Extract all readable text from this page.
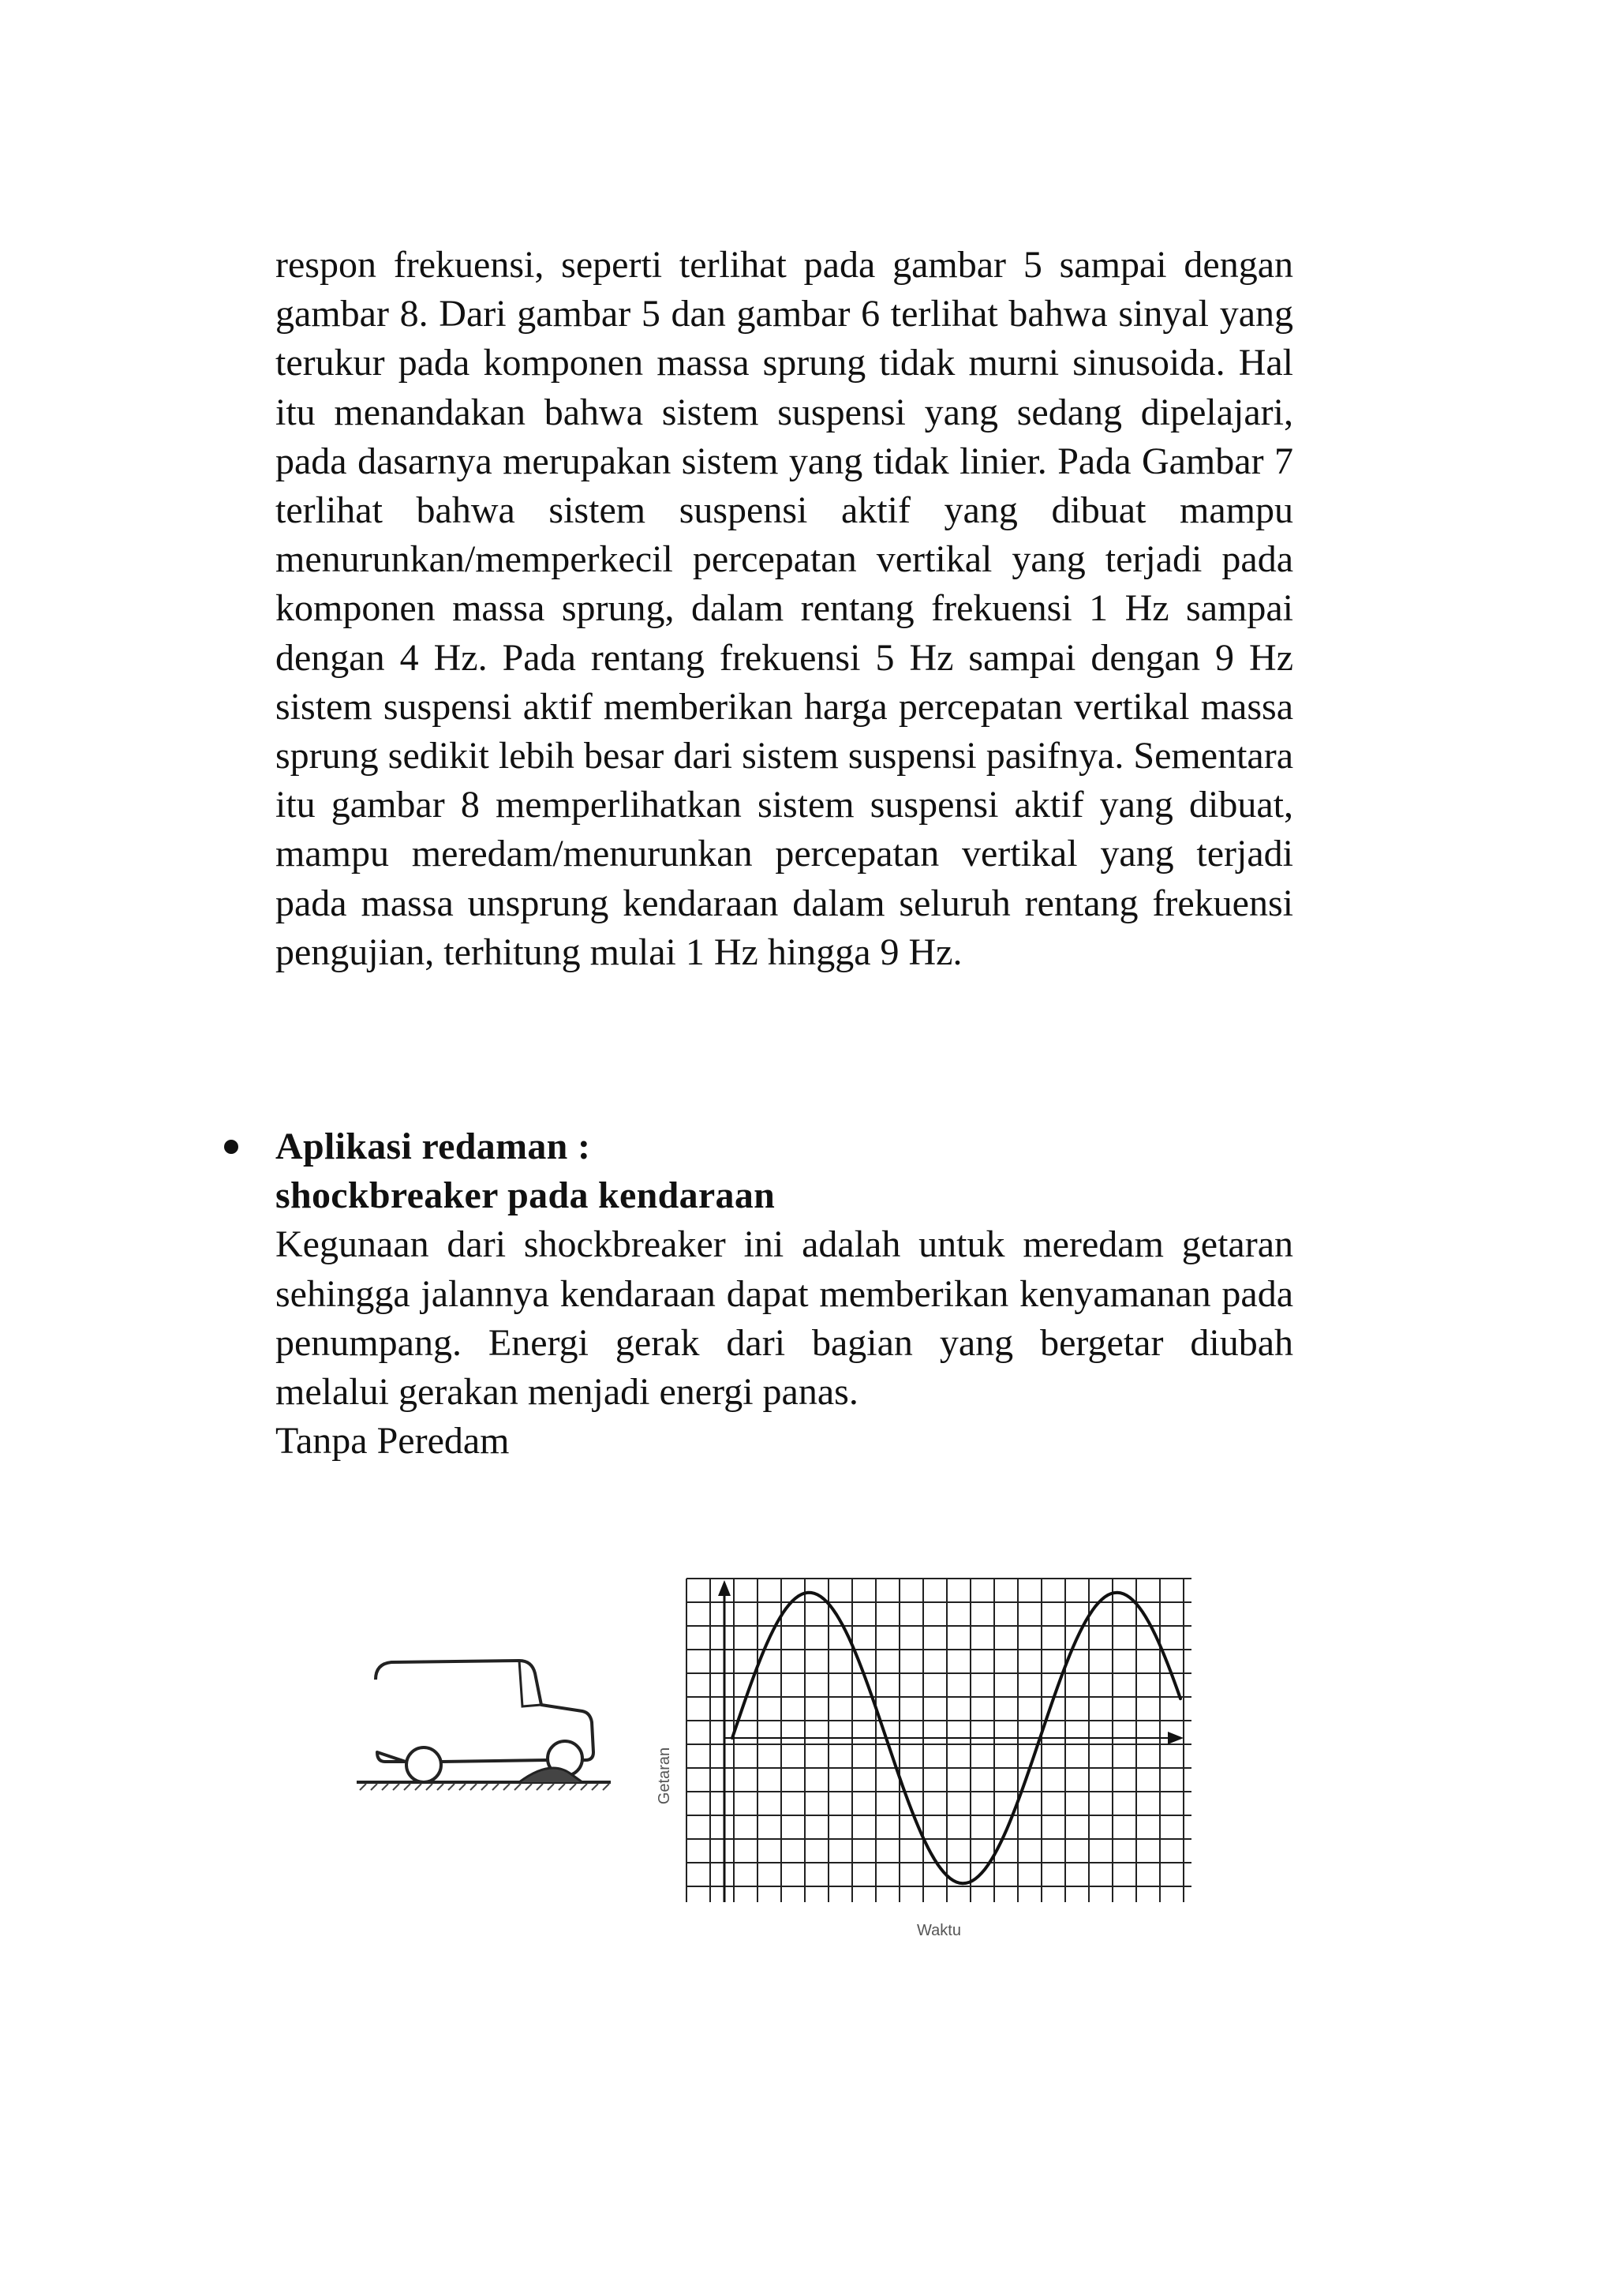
respon frekuensi, seperti terlihat pada gambar 5 sampai dengan gambar 8. Dari gambar 5 dan gambar 6 terlihat bahwa sinyal yang terukur pada komponen massa sprung tidak murni sinusoida. Hal itu menandakan bahwa sistem suspensi yang sedang dipelajari, pada dasarnya merupakan sistem yang tidak linier. Pada Gambar 7 terlihat bahwa sistem suspensi aktif yang dibuat mampu menurunkan/memperkecil percepatan vertikal yang terjadi pada komponen massa sprung, dalam rentang frekuensi 1 Hz sampai dengan 4 Hz. Pada rentang frekuensi 5 Hz sampai dengan 9 Hz sistem suspensi aktif memberikan harga percepatan vertikal massa sprung sedikit lebih besar dari sistem suspensi pasifnya. Sementara itu gambar 8 memperlihatkan sistem suspensi aktif yang dibuat, mampu meredam/menurunkan percepatan vertikal yang terjadi pada massa unsprung kendaraan dalam seluruh rentang frekuensi pengujian, terhitung mulai 1 Hz hingga 9 Hz.

Aplikasi redaman :

shockbreaker pada kendaraan

Kegunaan dari shockbreaker ini adalah untuk meredam getaran sehingga jalannya kendaraan dapat memberikan kenyamanan pada penumpang. Energi gerak dari bagian yang bergetar diubah melalui gerakan menjadi energi panas.

Tanpa Peredam

Getaran
Waktu
